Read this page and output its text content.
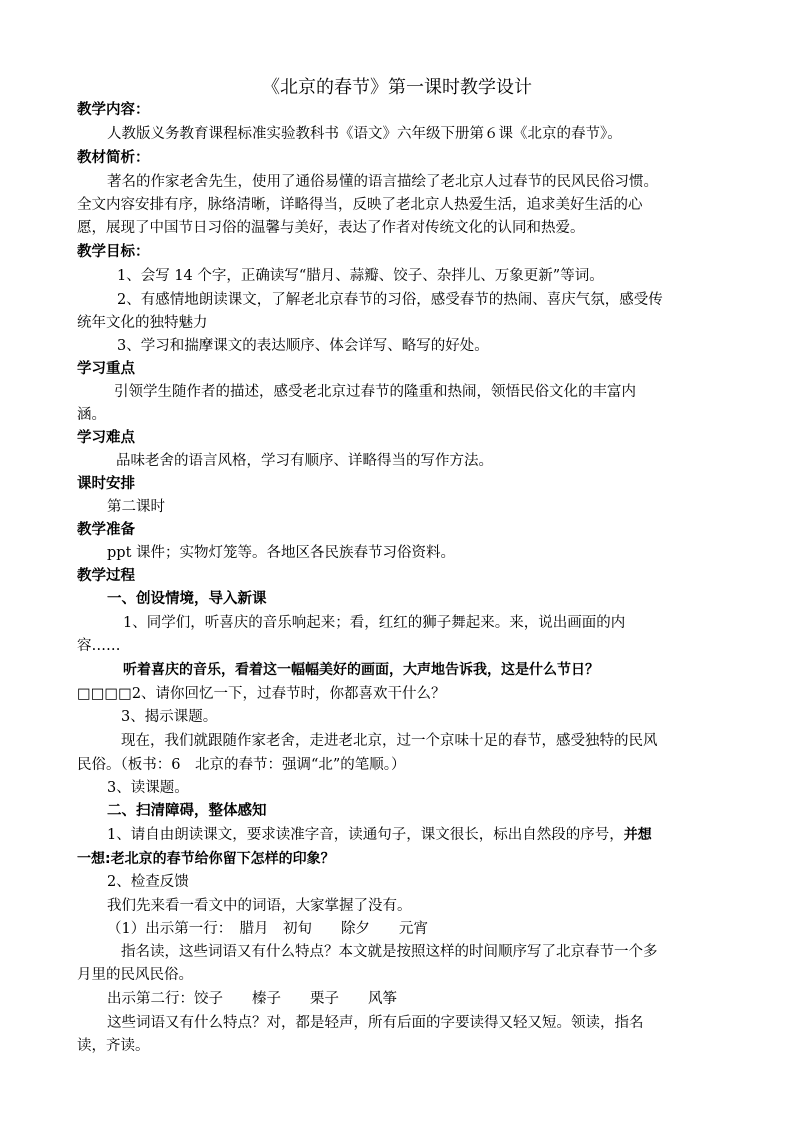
《北京的春节》第一课时教学设计
教学内容：
人教版义务教育课程标准实验教科书《语文》六年级下册第６课《北京的春节》。
教材简析：
著名的作家老舍先生，使用了通俗易懂的语言描绘了老北京人过春节的民风民俗习惯。
全文内容安排有序，脉络清晰，详略得当，反映了老北京人热爱生活，追求美好生活的心
愿，展现了中国节日习俗的温馨与美好，表达了作者对传统文化的认同和热爱。
教学目标：
1、会写 14 个字，正确读写“腊月、蒜瓣、饺子、杂拌儿、万象更新”等词。
2、有感情地朗读课文，了解老北京春节的习俗，感受春节的热闹、喜庆气氛，感受传
统年文化的独特魅力
3、学习和揣摩课文的表达顺序、体会详写、略写的好处。
学习重点
引领学生随作者的描述，感受老北京过春节的隆重和热闹，领悟民俗文化的丰富内
涵。
学习难点
品味老舍的语言风格，学习有顺序、详略得当的写作方法。
课时安排
第二课时
教学准备
ppt 课件；实物灯笼等。各地区各民族春节习俗资料。
教学过程
一、创设情境，导入新课
1、同学们，听喜庆的音乐响起来；看，红红的狮子舞起来。来，说出画面的内
容……
听着喜庆的音乐，看着这一幅幅美好的画面，大声地告诉我，这是什么节日？
□□□□2、请你回忆一下，过春节时，你都喜欢干什么？
3、揭示课题。
现在，我们就跟随作家老舍，走进老北京，过一个京味十足的春节，感受独特的民风
民俗。（板书：6　北京的春节：强调“北”的笔顺。）
3、读课题。
二、扫清障碍，整体感知
1、请自由朗读课文，要求读准字音，读通句子，课文很长，标出自然段的序号，并想
一想:老北京的春节给你留下怎样的印象？
2、检查反馈
我们先来看一看文中的词语，大家掌握了没有。
（1）出示第一行：　腊月　初旬　　除夕　　元宵
指名读，这些词语又有什么特点？本文就是按照这样的时间顺序写了北京春节一个多
月里的民风民俗。
出示第二行：饺子　　榛子　　栗子　　风筝
这些词语又有什么特点？对，都是轻声，所有后面的字要读得又轻又短。领读，指名
读，齐读。
